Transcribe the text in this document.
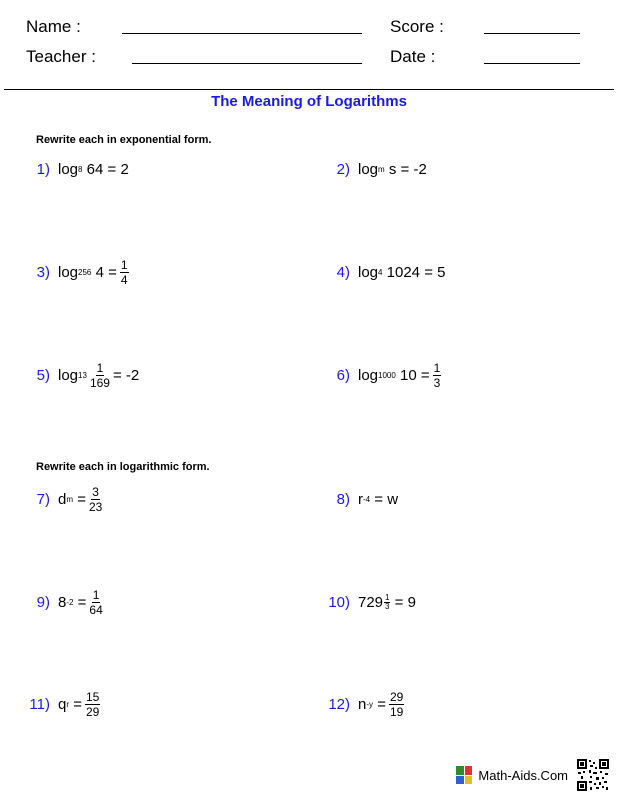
Name :	Score :
Teacher :	Date :
The Meaning of Logarithms
Rewrite each in exponential form.
1) log 8
64
= 2	2) log m
s
= -2
3) log 256
4
= $\frac{1}{4}$	4) log 4
1024
= 5
5) $\log 13 \frac{1}{169} = -2$	6) log 1000
10
= $\frac{1}{3}$
Rewrite each in logarithmic form.
7) d m
= $\frac{3}{23}$	8) r -4
= w
9) 8 -2
= $\frac{1}{64}$	10) $729 \frac{1}{3}$
= 9
11) q r
= $\frac{15}{29}$	12) n -y
= $\frac{29}{19}$
Math-Aids.Com
